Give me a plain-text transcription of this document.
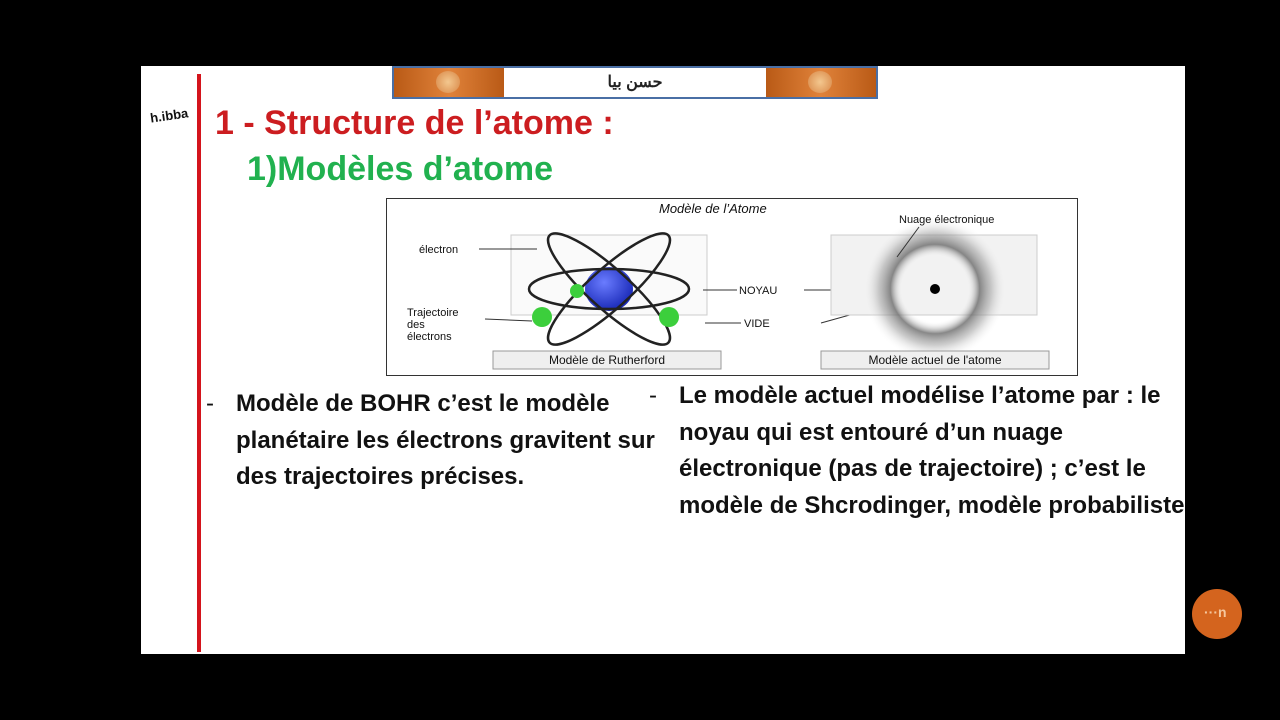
h.ibba
حسن بيا
1 - Structure de l’atome :
1)Modèles d’atome
Modèle de l’Atome
électron
Trajectoire
des
électrons
NOYAU
VIDE
Nuage électronique
Modèle de Rutherford	Modèle actuel de l'atome
- Modèle de BOHR c’est le modèle planétaire les électrons gravitent sur des trajectoires précises.
- Le modèle actuel modélise l’atome par : le noyau qui est entouré d’un nuage électronique (pas de trajectoire) ; c’est le modèle de Shcrodinger, modèle probabiliste
···n
